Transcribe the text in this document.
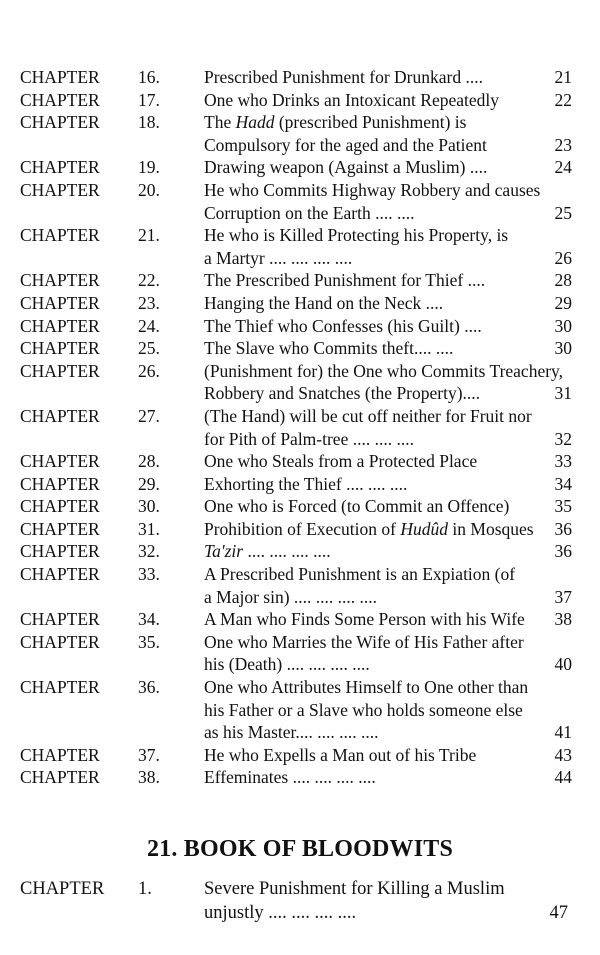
CHAPTER	16.	Prescribed Punishment for Drunkard ....	21
CHAPTER	17.	One who Drinks an Intoxicant Repeatedly	22
CHAPTER	18.	The Hadd (prescribed Punishment) is
Compulsory for the aged and the Patient	23
CHAPTER	19.	Drawing weapon (Against a Muslim) ....	24
CHAPTER	20.	He who Commits Highway Robbery and causes
Corruption on the Earth .... ....	25
CHAPTER	21.	He who is Killed Protecting his Property, is
a Martyr .... .... .... ....	26
CHAPTER	22.	The Prescribed Punishment for Thief ....	28
CHAPTER	23.	Hanging the Hand on the Neck ....	29
CHAPTER	24.	The Thief who Confesses (his Guilt) ....	30
CHAPTER	25.	The Slave who Commits theft.... ....	30
CHAPTER	26.	(Punishment for) the One who Commits Treachery,
Robbery and Snatches (the Property)....	31
CHAPTER	27.	(The Hand) will be cut off neither for Fruit nor
for Pith of Palm-tree .... .... ....	32
CHAPTER	28.	One who Steals from a Protected Place	33
CHAPTER	29.	Exhorting the Thief .... .... ....	34
CHAPTER	30.	One who is Forced (to Commit an Offence)	35
CHAPTER	31.	Prohibition of Execution of Hudûd in Mosques	36
CHAPTER	32.	Ta'zir .... .... .... ....	36
CHAPTER	33.	A Prescribed Punishment is an Expiation (of
a Major sin) .... .... .... ....	37
CHAPTER	34.	A Man who Finds Some Person with his Wife	38
CHAPTER	35.	One who Marries the Wife of His Father after
his (Death) .... .... .... ....	40
CHAPTER	36.	One who Attributes Himself to One other than
his Father or a Slave who holds someone else
as his Master.... .... .... ....	41
CHAPTER	37.	He who Expells a Man out of his Tribe	43
CHAPTER	38.	Effeminates .... .... .... ....	44
21. BOOK OF BLOODWITS
CHAPTER	1.	Severe Punishment for Killing a Muslim
unjustly .... .... .... ....	47
